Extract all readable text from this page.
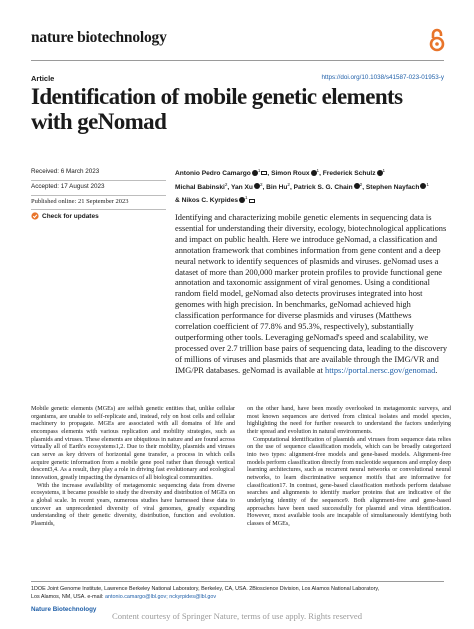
nature biotechnology
Article	https://doi.org/10.1038/s41587-023-01953-y
Identification of mobile genetic elements
with geNomad
Received: 6 March 2023
Accepted: 17 August 2023
Published online: 21 September 2023
Check for updates
Antonio Pedro Camargo $^1$ , Simon Roux $^1$, Frederick Schulz $^1$
Michal Babinski$^2$, Yan Xu $^2$, Bin Hu$^2$, Patrick S. G. Chain $^2$, Stephen Nayfach $^1$
& Nikos C. Kyrpides $^1$
Identifying and characterizing mobile genetic elements in sequencing data is essential for understanding their diversity, ecology, biotechnological applications and impact on public health. Here we introduce geNomad, a classification and annotation framework that combines information from gene content and a deep neural network to identify sequences of plasmids and viruses. geNomad uses a dataset of more than 200,000 marker protein profiles to provide functional gene annotation and taxonomic assignment of viral genomes. Using a conditional random field model, geNomad also detects proviruses integrated into host genomes with high precision. In benchmarks, geNomad achieved high classification performance for diverse plasmids and viruses (Matthews correlation coefficient of 77.8% and 95.3%, respectively), substantially outperforming other tools. Leveraging geNomad's speed and scalability, we processed over 2.7 trillion base pairs of sequencing data, leading to the discovery of millions of viruses and plasmids that are available through the IMG/VR and IMG/PR databases. geNomad is available at https://portal.nersc.gov/genomad.

Mobile genetic elements (MGEs) are selfish genetic entities that, unlike cellular organisms, are unable to self-replicate and, instead, rely on host cells and cellular machinery to propagate. MGEs are associated with all domains of life and encompass elements with various replication and mobility strategies, such as plasmids and viruses. These elements are ubiquitous in nature and are found across virtually all of Earth's ecosystems1,2. Due to their mobility, plasmids and viruses can serve as key drivers of horizontal gene transfer, a process in which cells acquire genetic information from a mobile gene pool rather than through vertical descent3,4. As a result, they play a role in driving fast evolutionary and ecological innovation, greatly impacting the dynamics of all biological communities.

With the increase availability of metagenomic sequencing data from diverse ecosystems, it became possible to study the diversity and distribution of MGEs on a global scale. In recent years, numerous studies have harnessed these data to uncover an unprecedented diversity of viral genomes, greatly expanding understanding of their genetic diversity, distribution, function and evolution. Plasmids,

on the other hand, have been mostly overlooked in metagenomic surveys, and most known sequences are derived from clinical isolates and model species, highlighting the need for further research to understand the factors underlying their spread and evolution in natural environments.

Computational identification of plasmids and viruses from sequence data relies on the use of sequence classification models, which can be broadly categorized into two types: alignment-free models and gene-based models. Alignment-free models perform classification directly from nucleotide sequences and employ deep learning architectures, such as recurrent neural networks or convolutional neural networks, to learn discriminative sequence motifs that are informative for classification17. In contrast, gene-based classification methods perform database searches and alignments to identify marker proteins that are indicative of the underlying identity of the sequence9. Both alignment-free and gene-based approaches have been used successfully for plasmid and virus identification. However, most available tools are incapable of simultaneously identifying both classes of MGEs,

1DOE Joint Genome Institute, Lawrence Berkeley National Laboratory, Berkeley, CA, USA. 2Bioscience Division, Los Alamos National Laboratory,
Los Alamos, NM, USA. e-mail: antonio.camargo@lbl.gov; nckyrpides@lbl.gov
Nature Biotechnology
Content courtesy of Springer Nature, terms of use apply. Rights reserved
